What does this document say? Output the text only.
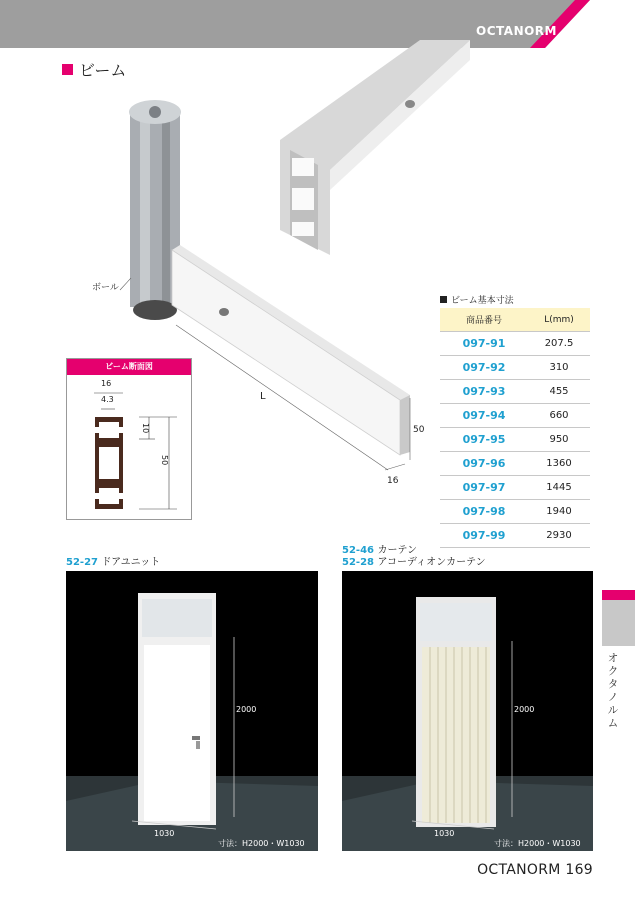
OCTANORM
ビーム
ボール
L
50
16
ビーム断面図
16
4.3
10
50
ビーム基本寸法
商品番号	L(mm)
097-91	207.5
097-92	310
097-93	455
097-94	660
097-95	950
097-96	1360
097-97	1445
097-98	1940
097-99	2930
52-27 ドアユニット
52-46 カーテン
52-28 アコーディオンカーテン
2000
1030
寸法：H2000・W1030
2000
1030
寸法：H2000・W1030
オクタノルム
OCTANORM 169
